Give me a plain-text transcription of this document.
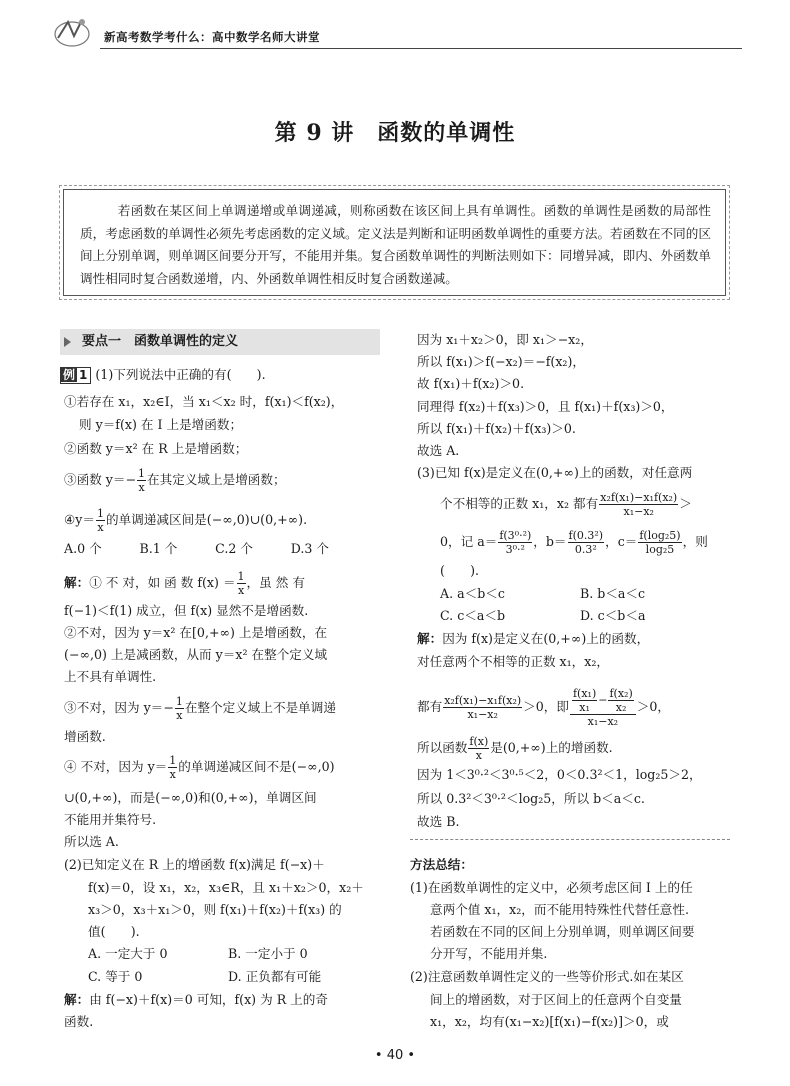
新高考数学考什么：高中数学名师大讲堂
第 9 讲　函数的单调性
若函数在某区间上单调递增或单调递减，则称函数在该区间上具有单调性。函数的单调性是函数的局部性质，考虑函数的单调性必须先考虑函数的定义域。定义法是判断和证明函数单调性的重要方法。若函数在不同的区间上分别单调，则单调区间要分开写，不能用并集。复合函数单调性的判断法则如下：同增异减，即内、外函数单调性相同时复合函数递增，内、外函数单调性相反时复合函数递减。
要点一　函数单调性的定义
例 1 (1)下列说法中正确的有(　　).
①若存在 x₁，x₂∈I，当 x₁＜x₂ 时，f(x₁)＜f(x₂)，
则 y＝f(x) 在 I 上是增函数；
②函数 y＝x² 在 R 上是增函数；
③函数 $y=- \frac{1}{x}$ 在其定义域上是增函数；
④y＝ $\frac{1}{x}$ 的单调递减区间是(−∞,0)∪(0,+∞).
A.0 个　　　B.1 个　　　C.2 个　　　D.3 个
解：① 不 对，如 函 数 $f(x) = \frac{1}{x}$ ，虽 然 有
f(−1)＜f(1) 成立，但 f(x) 显然不是增函数.
②不对，因为 y＝x² 在[0,+∞) 上是增函数，在
(−∞,0) 上是减函数，从而 y＝x² 在整个定义域
上不具有单调性.
③不对，因为 $y=- \frac{1}{x}$ 在整个定义域上不是单调递
增函数.
④ 不对，因为 $y= \frac{1}{x}$ 的单调递减区间不是(−∞,0)
∪(0,+∞)，而是(−∞,0)和(0,+∞)，单调区间
不能用并集符号.
所以选 A.
(2)已知定义在 R 上的增函数 f(x)满足 f(−x)＋
f(x)＝0，设 x₁，x₂，x₃∈R，且 x₁＋x₂＞0，x₂＋
x₃＞0，x₃＋x₁＞0，则 f(x₁)＋f(x₂)＋f(x₃) 的
值(　　).
A. 一定大于 0	B. 一定小于 0
C. 等于 0	D. 正负都有可能
解：由 f(−x)＋f(x)＝0 可知，f(x) 为 R 上的奇
函数.
因为 x₁＋x₂＞0，即 x₁＞−x₂，
所以 f(x₁)＞f(−x₂)＝−f(x₂)，
故 f(x₁)＋f(x₂)＞0.
同理得 f(x₂)＋f(x₃)＞0，且 f(x₁)＋f(x₃)＞0，
所以 f(x₁)＋f(x₂)＋f(x₃)＞0.
故选 A.
(3)已知 f(x)是定义在(0,+∞)上的函数，对任意两
个不相等的正数 x₁，x₂ 都有 $\frac{\text{x₂f(x₁)−x₁f(x₂)}}{\text{x₁−x₂}}$ ＞
0，记 $a= \frac{\text{f(3⁰·²)}}{\text{3⁰·²}}$ ，$b= \frac{\text{f(0.3²)}}{\text{0.3²}}$ ，$c= \frac{\text{f(log₂5)}}{\text{log₂5}}$ ，则
(　　).
A. a＜b＜c	B. b＜a＜c
C. c＜a＜b	D. c＜b＜a
解：因为 f(x)是定义在(0,+∞)上的函数，
对任意两个不相等的正数 x₁，x₂，
都有 $\frac{\text{x₂f(x₁)−x₁f(x₂)}}{\text{x₁−x₂}} >0$，即 $\frac{\frac{\text{f(x₁)}}{\text{x₁}} - \frac{\text{f(x₂)}}{\text{x₂}}}{\text{x₁−x₂}} >0$，
所以函数 $\frac{f(x)}{x}$ 是(0,+∞)上的增函数.
因为 1＜3⁰·²＜3⁰·⁵＜2，0＜0.3²＜1，log₂5＞2，
所以 0.3²＜3⁰·²＜log₂5，所以 b＜a＜c.
故选 B.
方法总结：
(1)在函数单调性的定义中，必须考虑区间 I 上的任
意两个值 x₁，x₂，而不能用特殊性代替任意性.
若函数在不同的区间上分别单调，则单调区间要
分开写，不能用并集.
(2)注意函数单调性定义的一些等价形式.如在某区
间上的增函数，对于区间上的任意两个自变量
x₁，x₂，均有(x₁−x₂)[f(x₁)−f(x₂)]＞0，或
• 40 •
